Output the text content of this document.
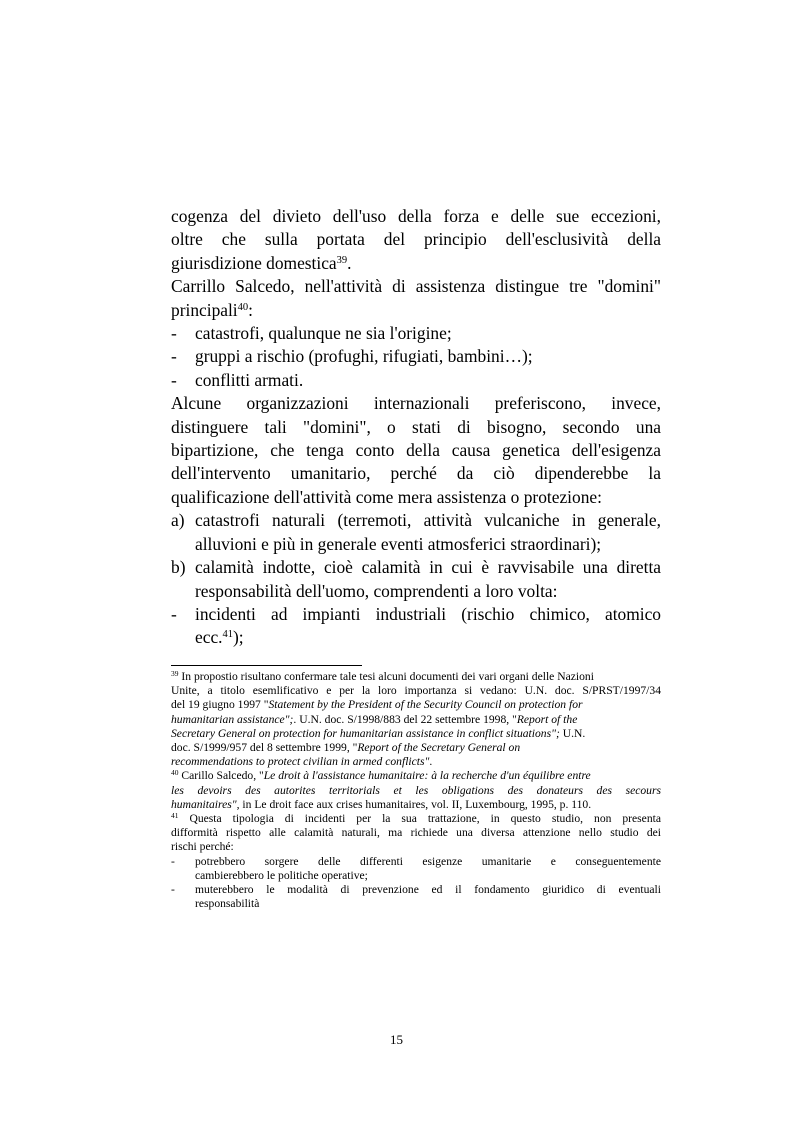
cogenza del divieto dell'uso della forza e delle sue eccezioni,

oltre che sulla portata del principio dell'esclusività della

giurisdizione domestica$^{39}$.

Carrillo Salcedo, nell'attività di assistenza distingue tre "domini"

principali$^{40}$:

-	catastrofi, qualunque ne sia l'origine;
-	gruppi a rischio (profughi, rifugiati, bambini…);
-	conflitti armati.

Alcune organizzazioni internazionali preferiscono, invece,

distinguere tali "domini", o stati di bisogno, secondo una

bipartizione, che tenga conto della causa genetica dell'esigenza

dell'intervento umanitario, perché da ciò dipenderebbe la

qualificazione dell'attività come mera assistenza o protezione:

a) catastrofi naturali (terremoti, attività vulcaniche in generale,

alluvioni e più in generale eventi atmosferici straordinari);

b) calamità indotte, cioè calamità in cui è ravvisabile una diretta

responsabilità dell'uomo, comprendenti a loro volta:

-	incidenti ad impianti industriali (rischio chimico, atomico

ecc.$^{41}$);

$^{39}$ In propostio risultano confermare tale tesi alcuni documenti dei vari organi delle Nazioni

Unite, a titolo esemlificativo e per la loro importanza si vedano: U.N. doc. S/PRST/1997/34

del 19 giugno 1997 "Statement by the President of the Security Council on protection for

humanitarian assistance";. U.N. doc. S/1998/883 del 22 settembre 1998, "Report of the

Secretary General on protection for humanitarian assistance in conflict situations"; U.N.

doc. S/1999/957 del 8 settembre 1999, "Report of the Secretary General on

recommendations to protect civilian in armed conflicts".

$^{40}$ Carillo Salcedo, "Le droit à l'assistance humanitaire: à la recherche d'un équilibre entre

les devoirs des autorites territorials et les obligations des donateurs des secours

humanitaires", in Le droit face aux crises humanitaires, vol. II, Luxembourg, 1995, p. 110.

$^{41}$ Questa tipologia di incidenti per la sua trattazione, in questo studio, non presenta

difformità rispetto alle calamità naturali, ma richiede una diversa attenzione nello studio dei

rischi perché:

-	potrebbero sorgere delle differenti esigenze umanitarie e conseguentemente

cambierebbero le politiche operative;

-	muterebbero le modalità di prevenzione ed il fondamento giuridico di eventuali

responsabilità

15
